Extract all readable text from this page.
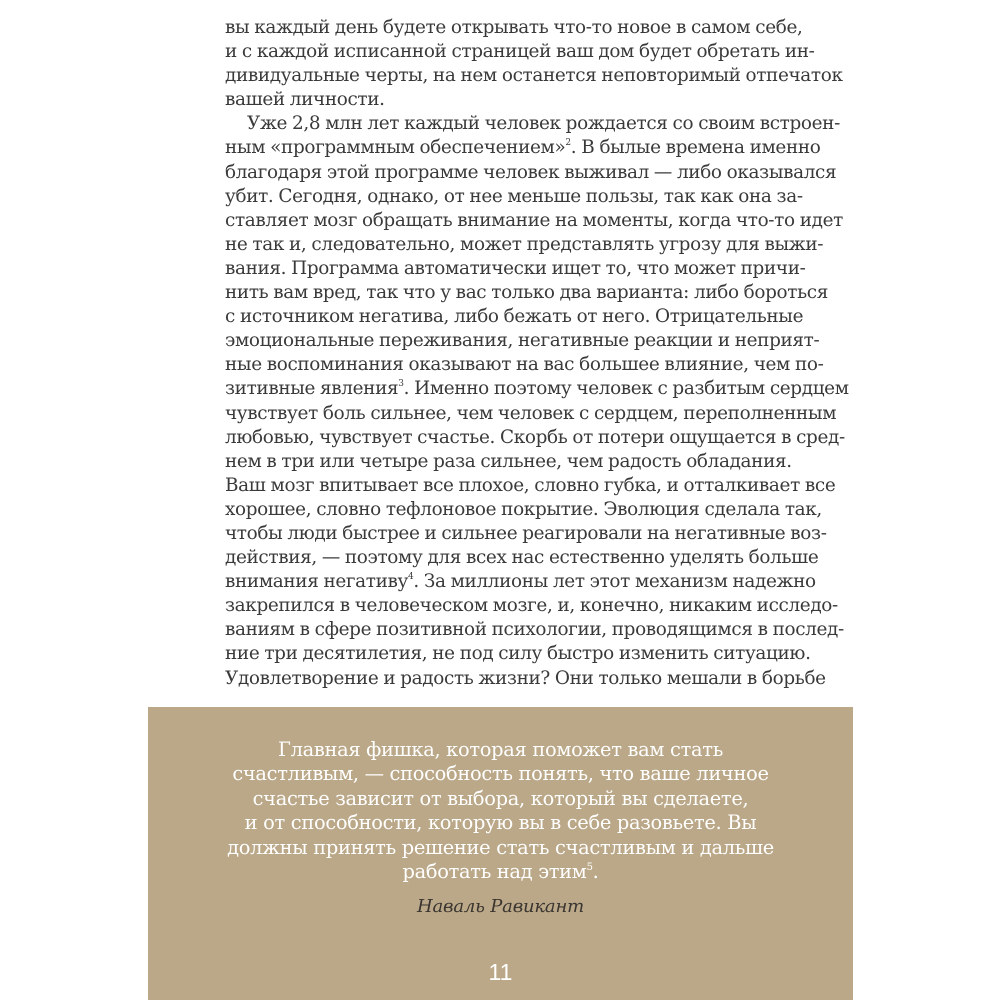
вы каждый день будете открывать что-то новое в самом себе,
и с каждой исписанной страницей ваш дом будет обретать ин-
дивидуальные черты, на нем останется неповторимый отпечаток
вашей личности.
Уже 2,8 млн лет каждый человек рождается со своим встроен-
ным «программным обеспечением»$^2$. В былые времена именно
благодаря этой программе человек выживал — либо оказывался
убит. Сегодня, однако, от нее меньше пользы, так как она за-
ставляет мозг обращать внимание на моменты, когда что-то идет
не так и, следовательно, может представлять угрозу для выжи-
вания. Программа автоматически ищет то, что может причи-
нить вам вред, так что у вас только два варианта: либо бороться
с источником негатива, либо бежать от него. Отрицательные
эмоциональные переживания, негативные реакции и неприят-
ные воспоминания оказывают на вас большее влияние, чем по-
зитивные явления$^3$. Именно поэтому человек с разбитым сердцем
чувствует боль сильнее, чем человек с сердцем, переполненным
любовью, чувствует счастье. Скорбь от потери ощущается в сред-
нем в три или четыре раза сильнее, чем радость обладания.
Ваш мозг впитывает все плохое, словно губка, и отталкивает все
хорошее, словно тефлоновое покрытие. Эволюция сделала так,
чтобы люди быстрее и сильнее реагировали на негативные воз-
действия, — поэтому для всех нас естественно уделять больше
внимания негативу$^4$. За миллионы лет этот механизм надежно
закрепился в человеческом мозге, и, конечно, никаким исследо-
ваниям в сфере позитивной психологии, проводящимся в послед-
ние три десятилетия, не под силу быстро изменить ситуацию.
Удовлетворение и радость жизни? Они только мешали в борьбе
Главная фишка, которая поможет вам стать
счастливым, — способность понять, что ваше личное
счастье зависит от выбора, который вы сделаете,
и от способности, которую вы в себе разовьете. Вы
должны принять решение стать счастливым и дальше
работать над этим$^5$.
Наваль Равикант
11
